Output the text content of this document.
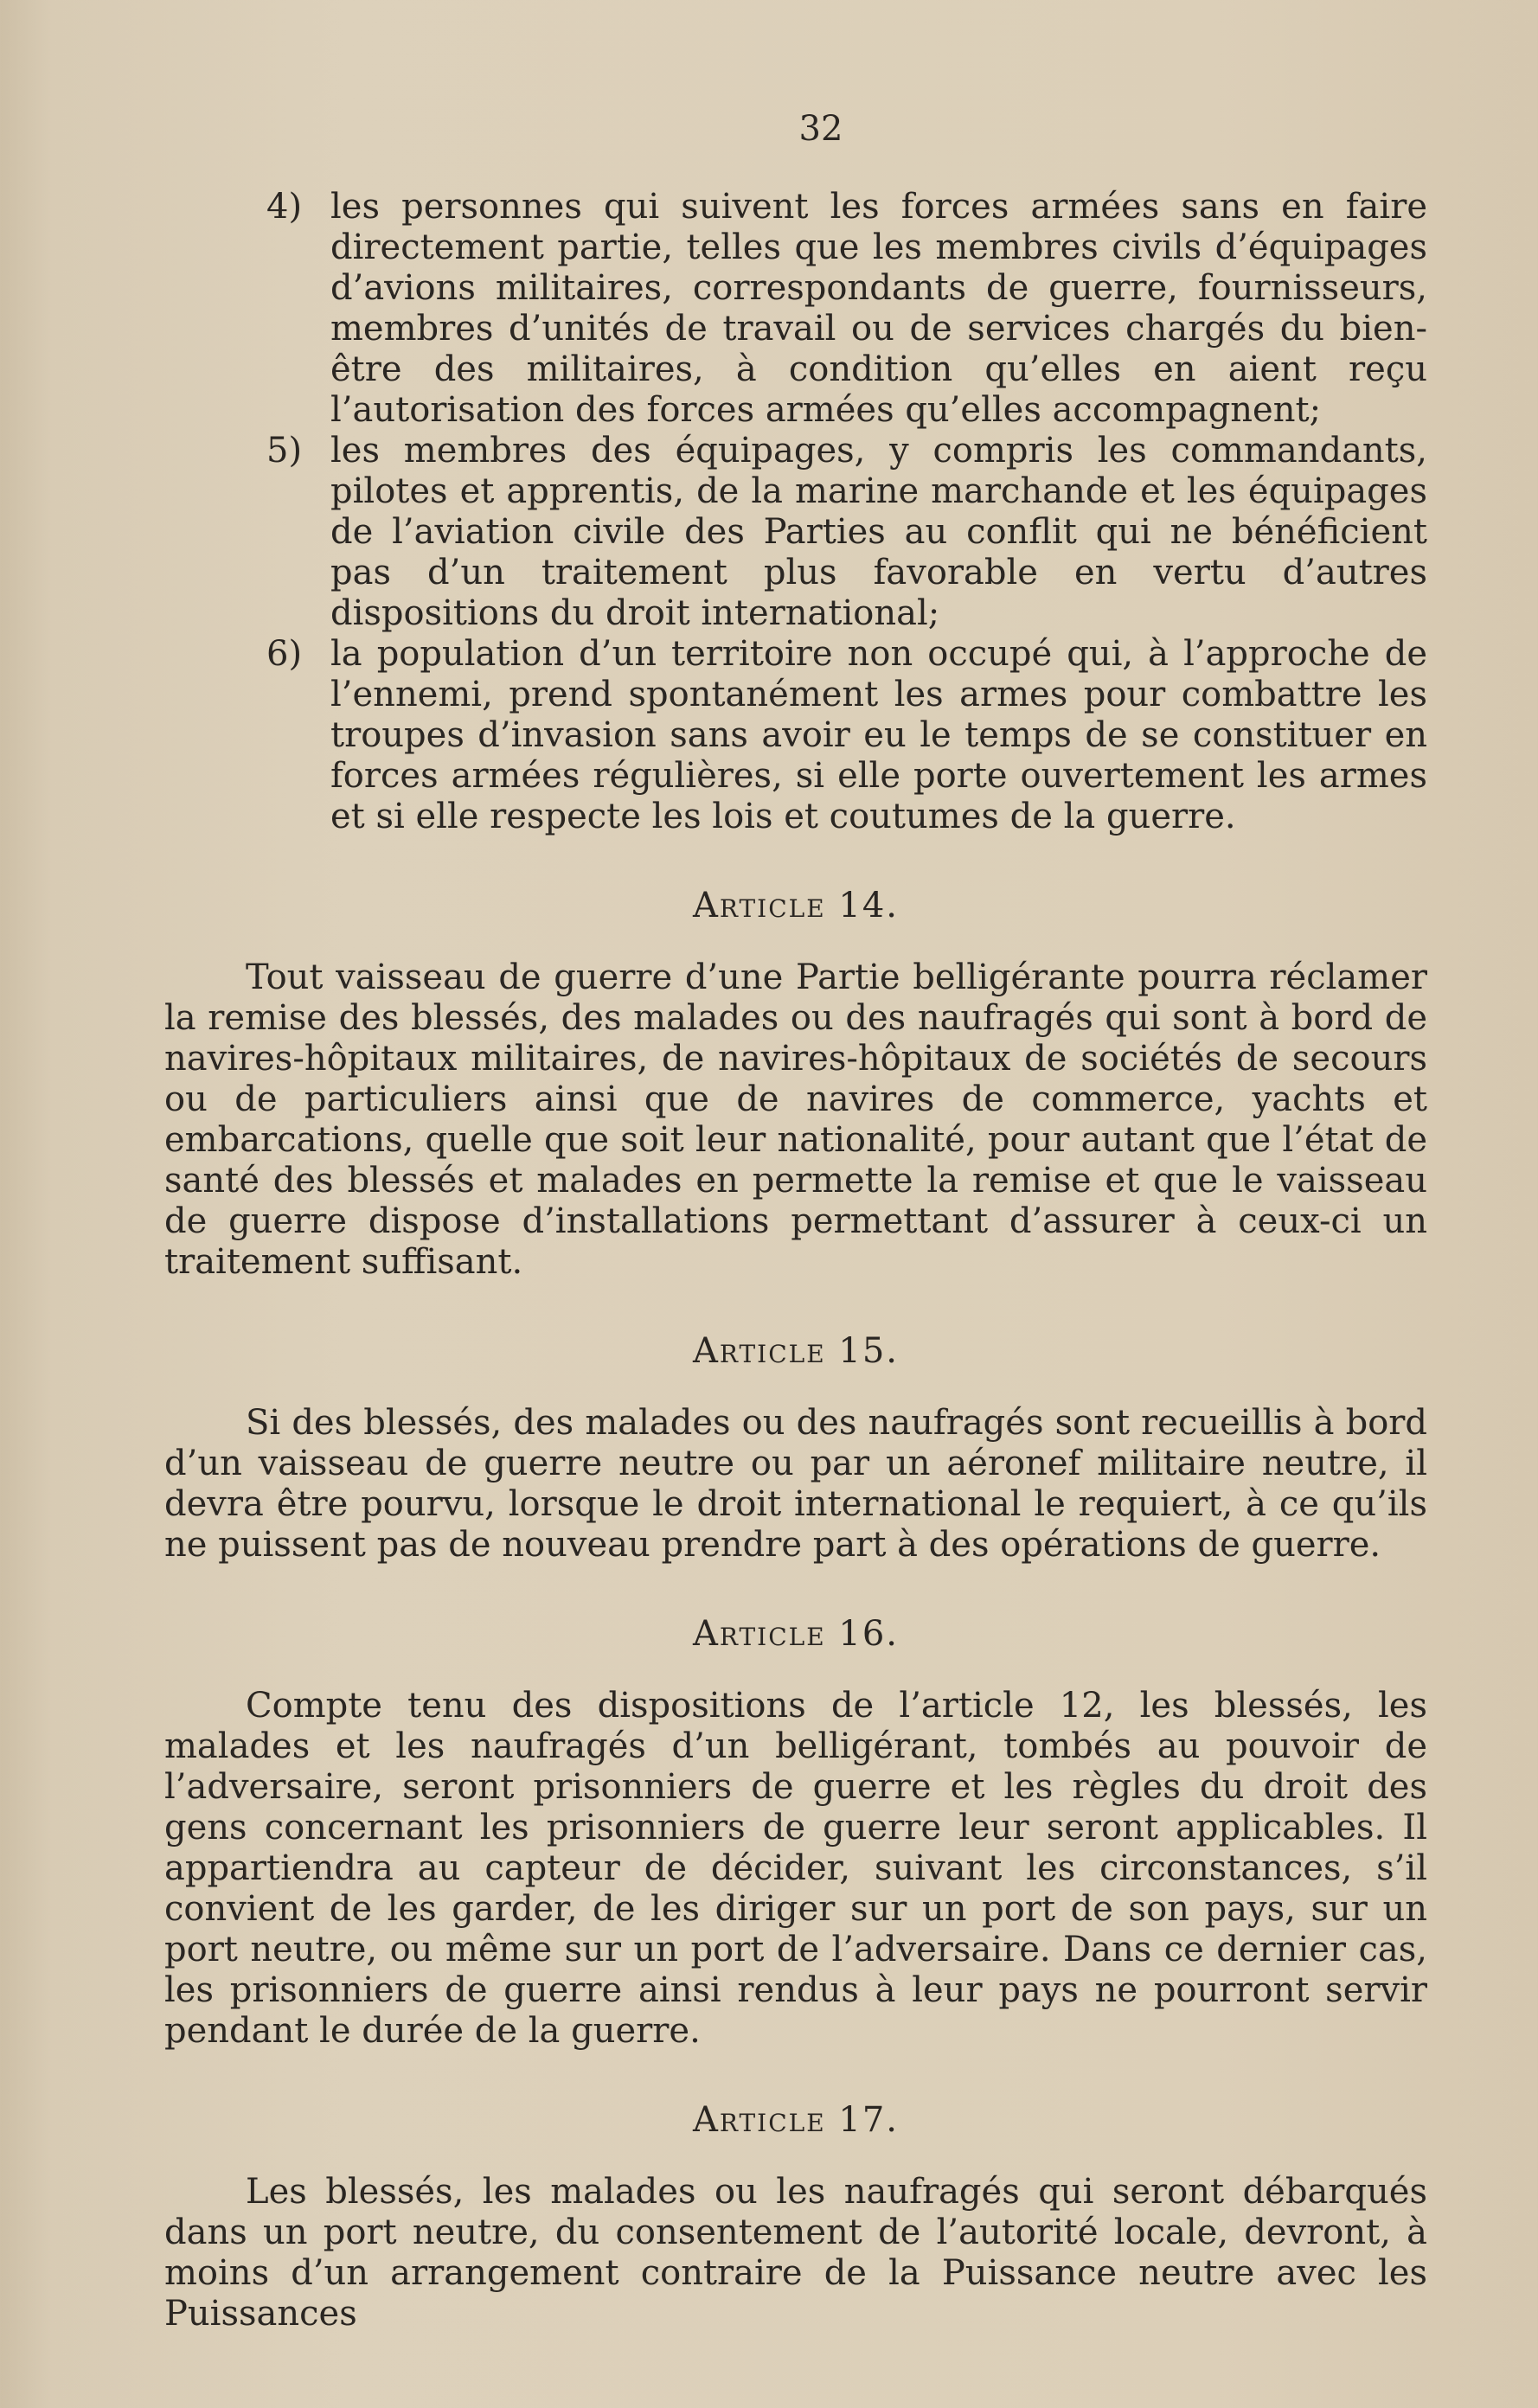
32
4) les personnes qui suivent les forces armées sans en faire directement partie, telles que les membres civils d’équipages d’avions militaires, correspondants de guerre, fournisseurs, membres d’unités de travail ou de services chargés du bien-être des militaires, à condition qu’elles en aient reçu l’autorisation des forces armées qu’elles accompagnent;

5) les membres des équipages, y compris les commandants, pilotes et apprentis, de la marine marchande et les équipages de l’aviation civile des Parties au conflit qui ne bénéficient pas d’un traitement plus favorable en vertu d’autres dispositions du droit international;

6) la population d’un territoire non occupé qui, à l’approche de l’ennemi, prend spontanément les armes pour combattre les troupes d’invasion sans avoir eu le temps de se constituer en forces armées régulières, si elle porte ouvertement les armes et si elle respecte les lois et coutumes de la guerre.

Article 14.

Tout vaisseau de guerre d’une Partie belligérante pourra réclamer la remise des blessés, des malades ou des naufragés qui sont à bord de navires-hôpitaux militaires, de navires-hôpitaux de sociétés de secours ou de particuliers ainsi que de navires de commerce, yachts et embarcations, quelle que soit leur nationalité, pour autant que l’état de santé des blessés et malades en permette la remise et que le vaisseau de guerre dispose d’installations permettant d’assurer à ceux-ci un traitement suffisant.

Article 15.

Si des blessés, des malades ou des naufragés sont recueillis à bord d’un vaisseau de guerre neutre ou par un aéronef militaire neutre, il devra être pourvu, lorsque le droit international le requiert, à ce qu’ils ne puissent pas de nouveau prendre part à des opérations de guerre.

Article 16.

Compte tenu des dispositions de l’article 12, les blessés, les malades et les naufragés d’un belligérant, tombés au pouvoir de l’adversaire, seront prisonniers de guerre et les règles du droit des gens concernant les prisonniers de guerre leur seront applicables. Il appartiendra au capteur de décider, suivant les circonstances, s’il convient de les garder, de les diriger sur un port de son pays, sur un port neutre, ou même sur un port de l’adversaire. Dans ce dernier cas, les prisonniers de guerre ainsi rendus à leur pays ne pourront servir pendant le durée de la guerre.

Article 17.

Les blessés, les malades ou les naufragés qui seront débarqués dans un port neutre, du consentement de l’autorité locale, devront, à moins d’un arrangement contraire de la Puissance neutre avec les Puissances
